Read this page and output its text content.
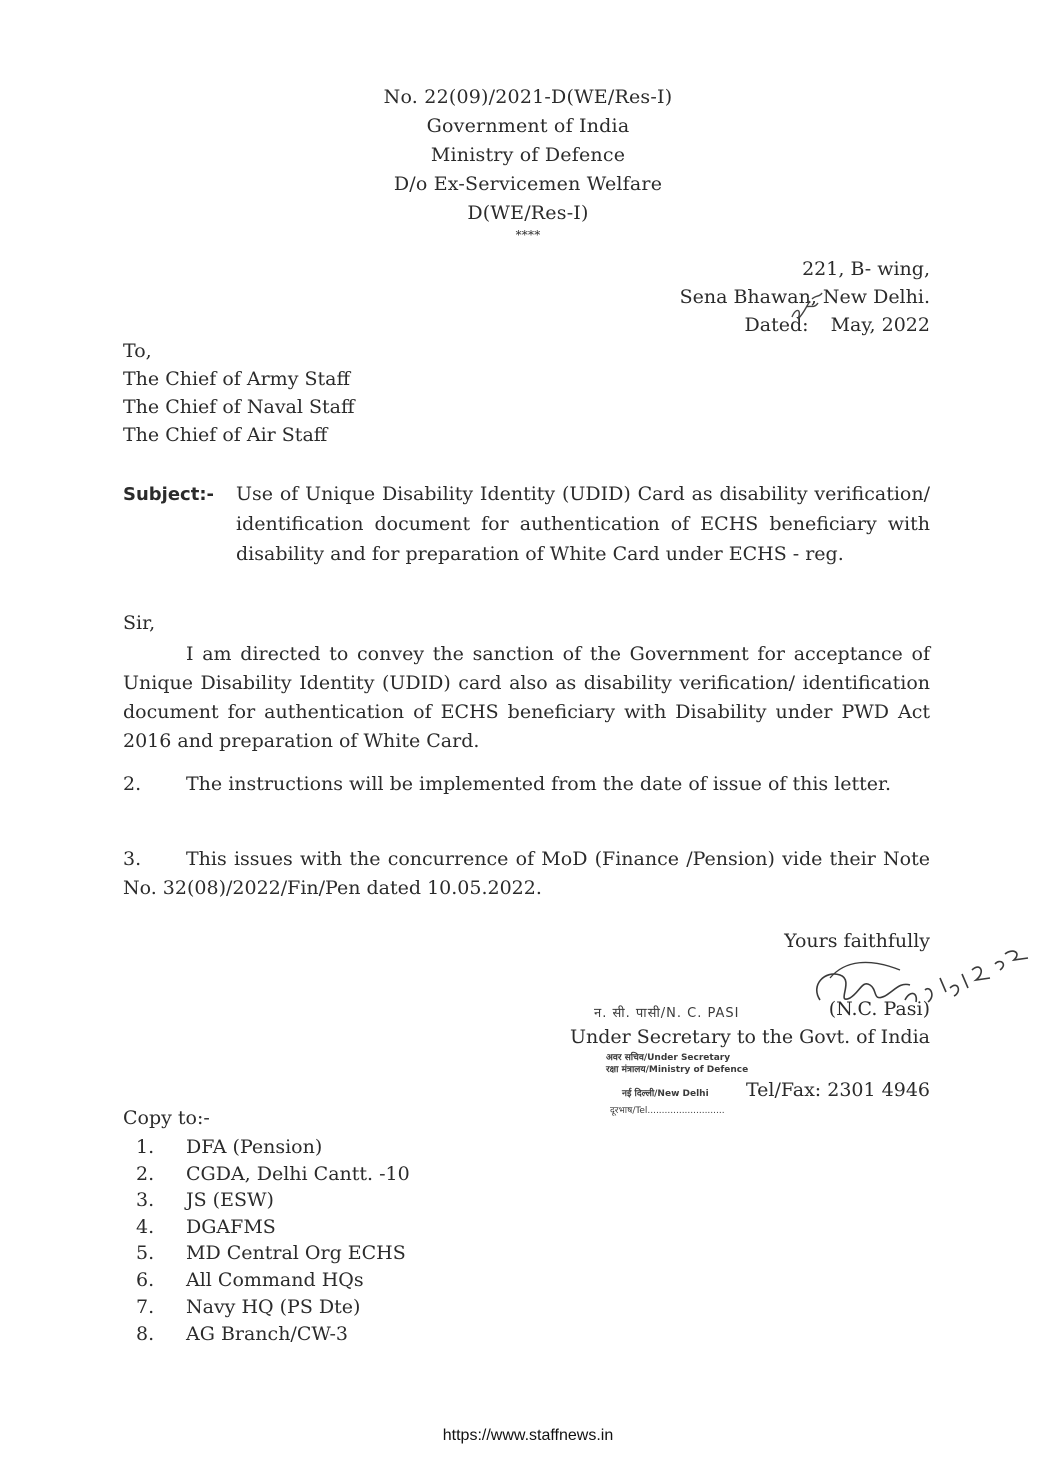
No. 22(09)/2021-D(WE/Res-I)
Government of India
Ministry of Defence
D/o Ex-Servicemen Welfare
D(WE/Res-I)
****
221, B- wing,
Sena Bhawan, New Delhi.
Dated: May, 2022
To,
The Chief of Army Staff
The Chief of Naval Staff
The Chief of Air Staff
Subject:- Use of Unique Disability Identity (UDID) Card as disability verification/ identification document for authentication of ECHS beneficiary with disability and for preparation of White Card under ECHS - reg.
Sir,
I am directed to convey the sanction of the Government for acceptance of Unique Disability Identity (UDID) card also as disability verification/ identification document for authentication of ECHS beneficiary with Disability under PWD Act 2016 and preparation of White Card.
2. The instructions will be implemented from the date of issue of this letter.
3. This issues with the concurrence of MoD (Finance /Pension) vide their Note No. 32(08)/2022/Fin/Pen dated 10.05.2022.
Yours faithfully
न. सी. पासी/N. C. PASI	(N.C. Pasi)
Under Secretary to the Govt. of India
अवर सचिव/Under Secretary
रक्षा मंत्रालय/Ministry of Defence
नई दिल्ली/New Delhi Tel/Fax: 2301 4946
दूरभाष/Tel...........................
Copy to:-
1. DFA (Pension)
2. CGDA, Delhi Cantt. -10
3. JS (ESW)
4. DGAFMS
5. MD Central Org ECHS
6. All Command HQs
7. Navy HQ (PS Dte)
8. AG Branch/CW-3
https://www.staffnews.in
